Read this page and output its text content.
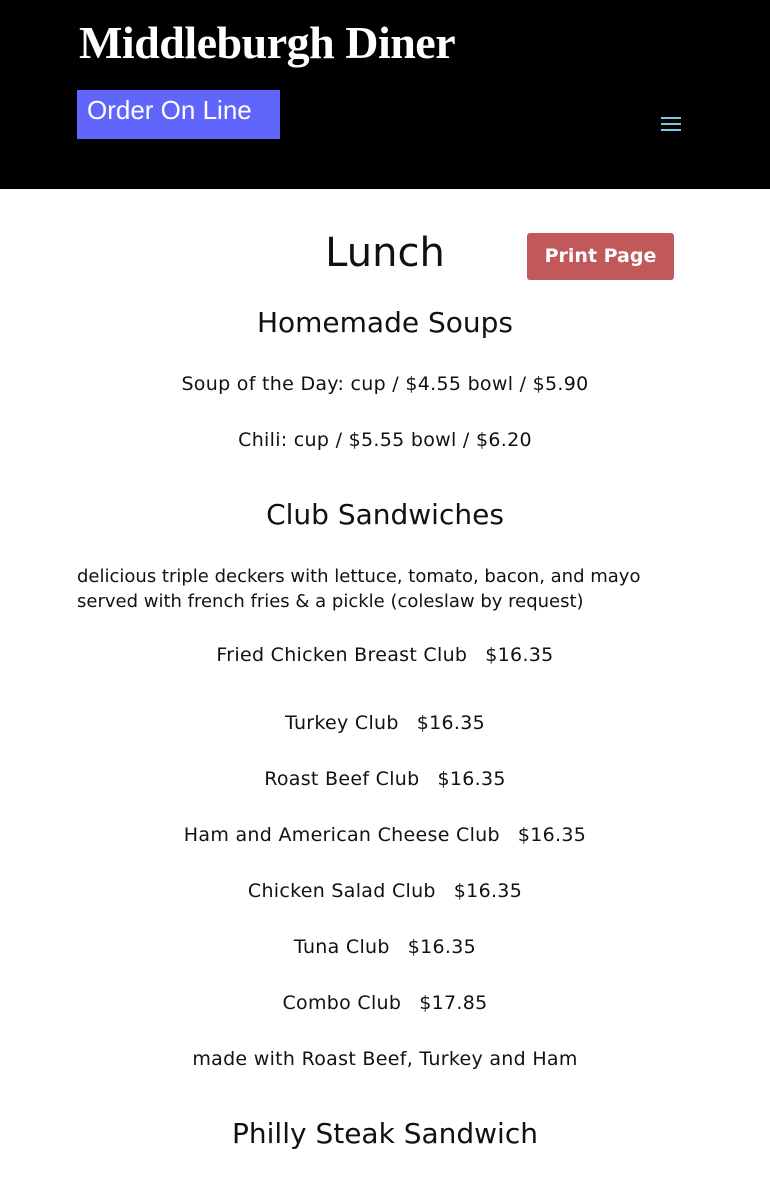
Middleburgh Diner
Order On Line
Lunch	Print Page
Homemade Soups

Soup of the Day: cup / $4.55 bowl / $5.90

Chili: cup / $5.55 bowl / $6.20

Club Sandwiches

delicious triple deckers with lettuce, tomato, bacon, and mayo
served with french fries & a pickle (coleslaw by request)

Fried Chicken Breast Club $16.35

Turkey Club $16.35

Roast Beef Club $16.35

Ham and American Cheese Club $16.35

Chicken Salad Club $16.35

Tuna Club $16.35

Combo Club $17.85

made with Roast Beef, Turkey and Ham

Philly Steak Sandwich
